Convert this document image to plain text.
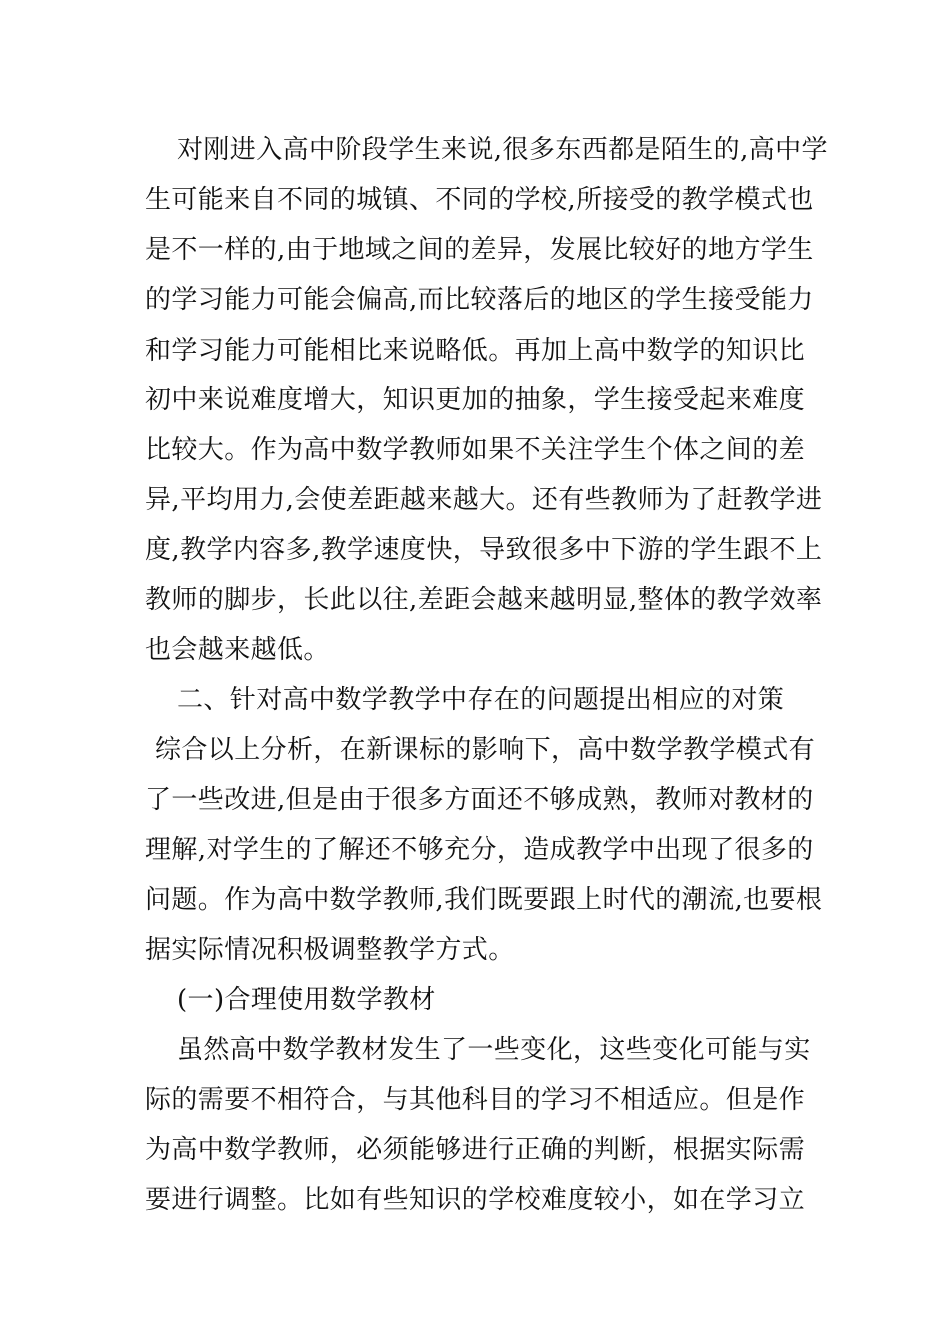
对刚进入高中阶段学生来说,很多东西都是陌生的,高中学
生可能来自不同的城镇、不同的学校,所接受的教学模式也
是不一样的,由于地域之间的差异，发展比较好的地方学生
的学习能力可能会偏高,而比较落后的地区的学生接受能力
和学习能力可能相比来说略低。再加上高中数学的知识比
初中来说难度增大，知识更加的抽象，学生接受起来难度
比较大。作为高中数学教师如果不关注学生个体之间的差
异,平均用力,会使差距越来越大。还有些教师为了赶教学进
度,教学内容多,教学速度快，导致很多中下游的学生跟不上
教师的脚步，长此以往,差距会越来越明显,整体的教学效率
也会越来越低。
二、针对高中数学教学中存在的问题提出相应的对策
综合以上分析，在新课标的影响下，高中数学教学模式有
了一些改进,但是由于很多方面还不够成熟，教师对教材的
理解,对学生的了解还不够充分，造成教学中出现了很多的
问题。作为高中数学教师,我们既要跟上时代的潮流,也要根
据实际情况积极调整教学方式。
(一)合理使用数学教材
虽然高中数学教材发生了一些变化，这些变化可能与实
际的需要不相符合，与其他科目的学习不相适应。但是作
为高中数学教师，必须能够进行正确的判断，根据实际需
要进行调整。比如有些知识的学校难度较小，如在学习立
